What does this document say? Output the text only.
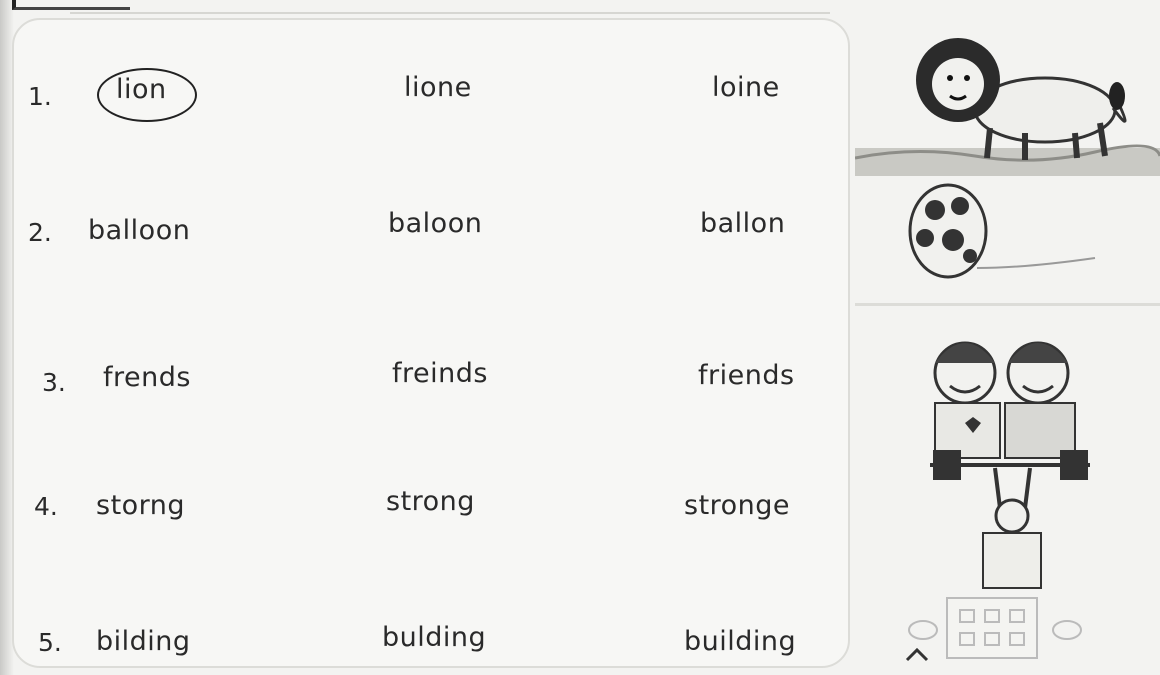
1. lion	lione	loine
2. balloon	baloon	ballon
3. frends	freinds	friends
4. storng	strong	stronge
5. bilding	bulding	building
